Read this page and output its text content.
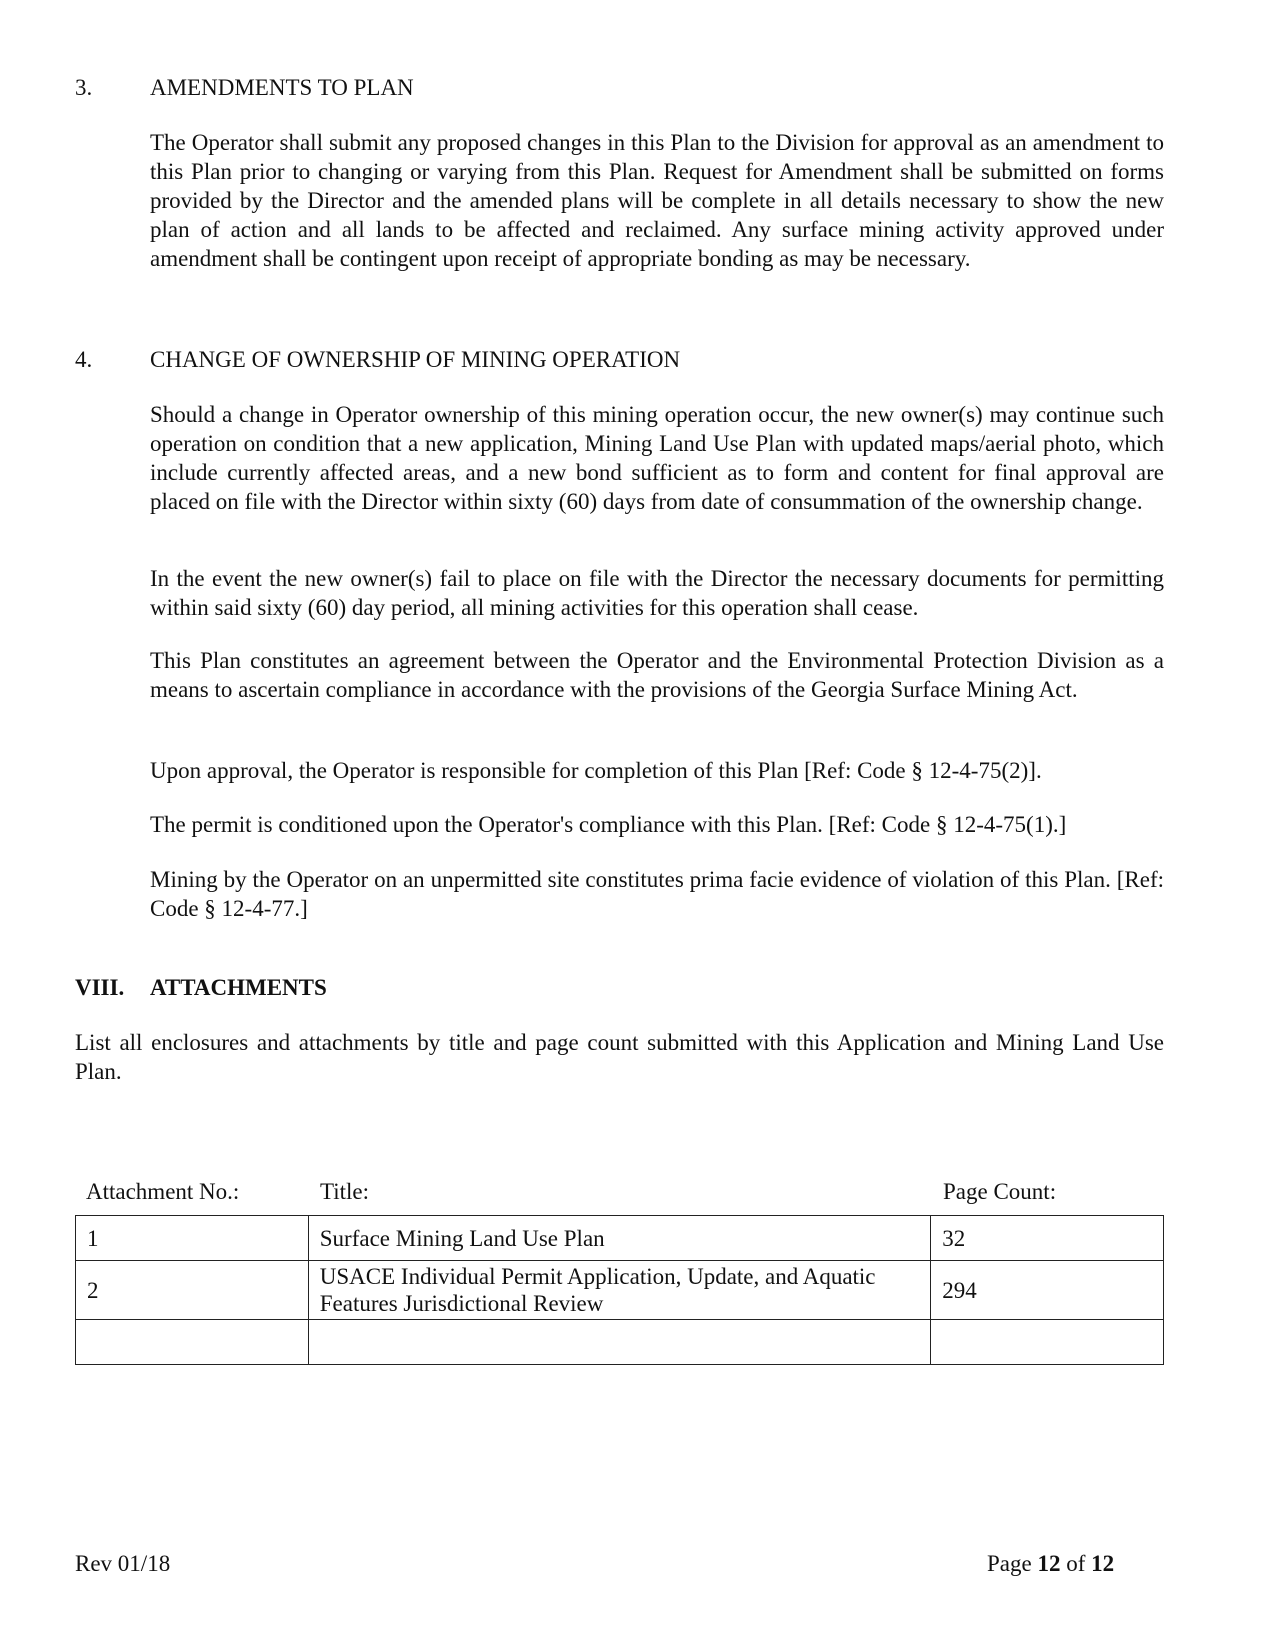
3.	AMENDMENTS TO PLAN
The Operator shall submit any proposed changes in this Plan to the Division for approval as an amendment to this Plan prior to changing or varying from this Plan. Request for Amendment shall be submitted on forms provided by the Director and the amended plans will be complete in all details necessary to show the new plan of action and all lands to be affected and reclaimed. Any surface mining activity approved under amendment shall be contingent upon receipt of appropriate bonding as may be necessary.
4.	CHANGE OF OWNERSHIP OF MINING OPERATION
Should a change in Operator ownership of this mining operation occur, the new owner(s) may continue such operation on condition that a new application, Mining Land Use Plan with updated maps/aerial photo, which include currently affected areas, and a new bond sufficient as to form and content for final approval are placed on file with the Director within sixty (60) days from date of consummation of the ownership change.
In the event the new owner(s) fail to place on file with the Director the necessary documents for permitting within said sixty (60) day period, all mining activities for this operation shall cease.
This Plan constitutes an agreement between the Operator and the Environmental Protection Division as a means to ascertain compliance in accordance with the provisions of the Georgia Surface Mining Act.
Upon approval, the Operator is responsible for completion of this Plan [Ref: Code § 12-4-75(2)].
The permit is conditioned upon the Operator's compliance with this Plan. [Ref: Code § 12-4-75(1).]
Mining by the Operator on an unpermitted site constitutes prima facie evidence of violation of this Plan. [Ref: Code § 12-4-77.]
VIII. ATTACHMENTS
List all enclosures and attachments by title and page count submitted with this Application and Mining Land Use Plan.
Attachment No.:	Title:	Page Count:
1	Surface Mining Land Use Plan	32
2	USACE Individual Permit Application, Update, and Aquatic Features Jurisdictional Review	294

Rev 01/18	Page 12 of 12
